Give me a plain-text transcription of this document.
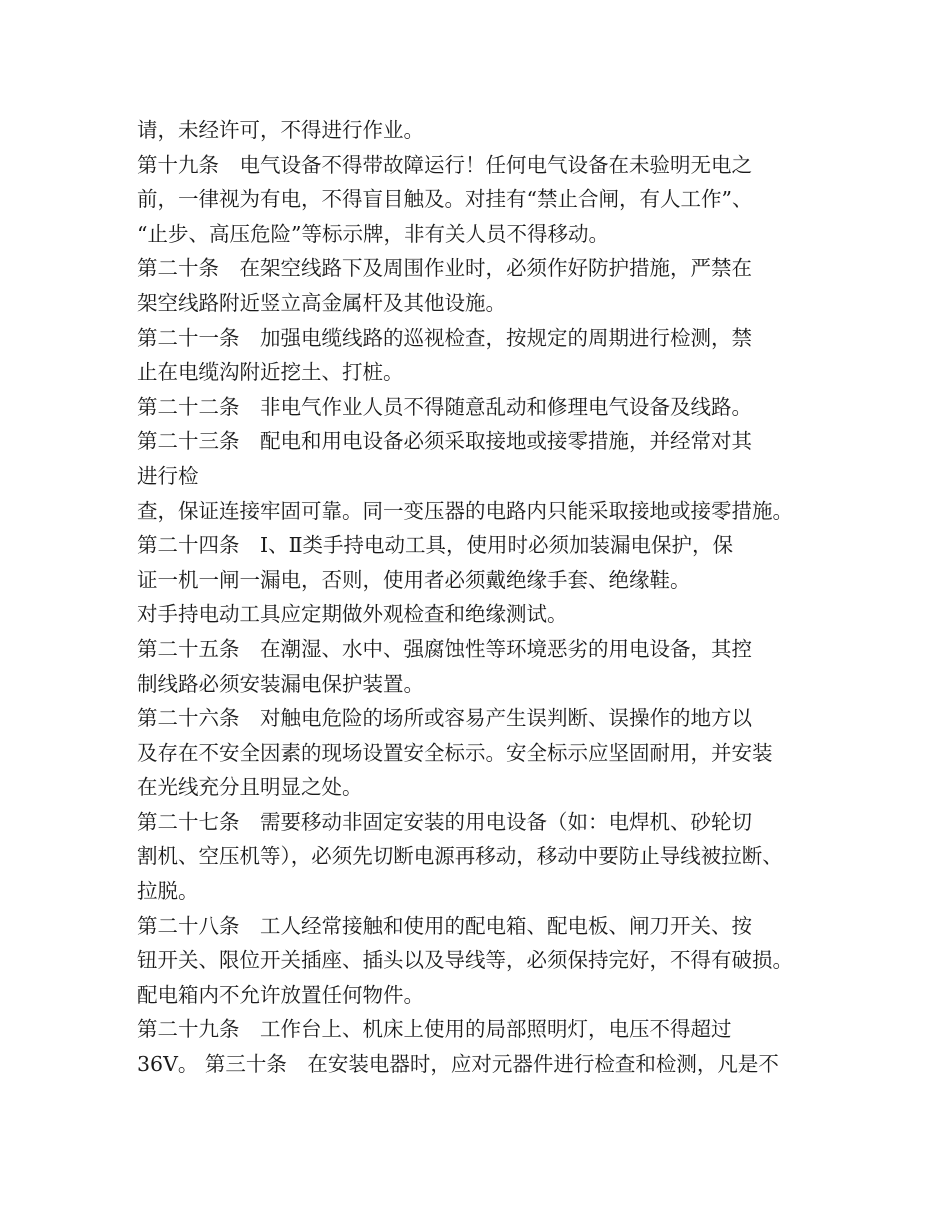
请，未经许可，不得进行作业。
第十九条　电气设备不得带故障运行！任何电气设备在未验明无电之
前，一律视为有电，不得盲目触及。对挂有“禁止合闸，有人工作”、
“止步、高压危险”等标示牌，非有关人员不得移动。
第二十条　在架空线路下及周围作业时，必须作好防护措施，严禁在
架空线路附近竖立高金属杆及其他设施。
第二十一条　加强电缆线路的巡视检查，按规定的周期进行检测，禁
止在电缆沟附近挖土、打桩。
第二十二条　非电气作业人员不得随意乱动和修理电气设备及线路。
第二十三条　配电和用电设备必须采取接地或接零措施，并经常对其
进行检
查，保证连接牢固可靠。同一变压器的电路内只能采取接地或接零措施。
第二十四条　Ⅰ、Ⅱ类手持电动工具，使用时必须加装漏电保护，保
证一机一闸一漏电，否则，使用者必须戴绝缘手套、绝缘鞋。
对手持电动工具应定期做外观检查和绝缘测试。
第二十五条　在潮湿、水中、强腐蚀性等环境恶劣的用电设备，其控
制线路必须安装漏电保护装置。
第二十六条　对触电危险的场所或容易产生误判断、误操作的地方以
及存在不安全因素的现场设置安全标示。安全标示应坚固耐用，并安装
在光线充分且明显之处。
第二十七条　需要移动非固定安装的用电设备（如：电焊机、砂轮切
割机、空压机等），必须先切断电源再移动，移动中要防止导线被拉断、
拉脱。
第二十八条　工人经常接触和使用的配电箱、配电板、闸刀开关、按
钮开关、限位开关插座、插头以及导线等，必须保持完好，不得有破损。
配电箱内不允许放置任何物件。
第二十九条　工作台上、机床上使用的局部照明灯，电压不得超过
36V。 第三十条　在安装电器时，应对元器件进行检查和检测，凡是不
